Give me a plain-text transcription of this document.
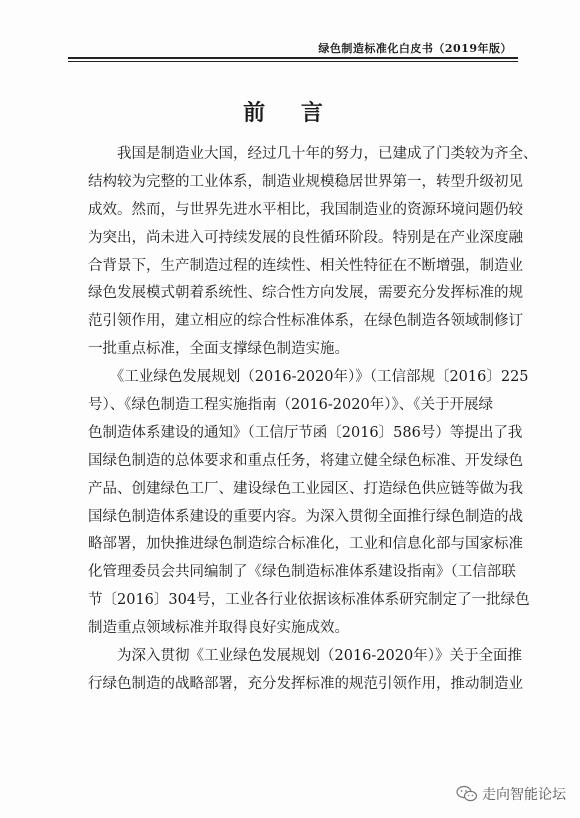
绿色制造标准化白皮书（2019年版）
前 言
　　我国是制造业大国，经过几十年的努力，已建成了门类较为齐全、
结构较为完整的工业体系，制造业规模稳居世界第一，转型升级初见
成效。然而，与世界先进水平相比，我国制造业的资源环境问题仍较
为突出，尚未进入可持续发展的良性循环阶段。特别是在产业深度融
合背景下，生产制造过程的连续性、相关性特征在不断增强，制造业
绿色发展模式朝着系统性、综合性方向发展，需要充分发挥标准的规
范引领作用，建立相应的综合性标准体系，在绿色制造各领域制修订
一批重点标准，全面支撑绿色制造实施。
　　《工业绿色发展规划（2016-2020年）》（工信部规〔2016〕225
号）、《绿色制造工程实施指南（2016-2020年）》、《关于开展绿
色制造体系建设的通知》（工信厅节函〔2016〕586号）等提出了我
国绿色制造的总体要求和重点任务，将建立健全绿色标准、开发绿色
产品、创建绿色工厂、建设绿色工业园区、打造绿色供应链等做为我
国绿色制造体系建设的重要内容。为深入贯彻全面推行绿色制造的战
略部署，加快推进绿色制造综合标准化，工业和信息化部与国家标准
化管理委员会共同编制了《绿色制造标准体系建设指南》（工信部联
节〔2016〕304号，工业各行业依据该标准体系研究制定了一批绿色
制造重点领域标准并取得良好实施成效。
　　为深入贯彻《工业绿色发展规划（2016-2020年）》关于全面推
行绿色制造的战略部署，充分发挥标准的规范引领作用，推动制造业
走向智能论坛
